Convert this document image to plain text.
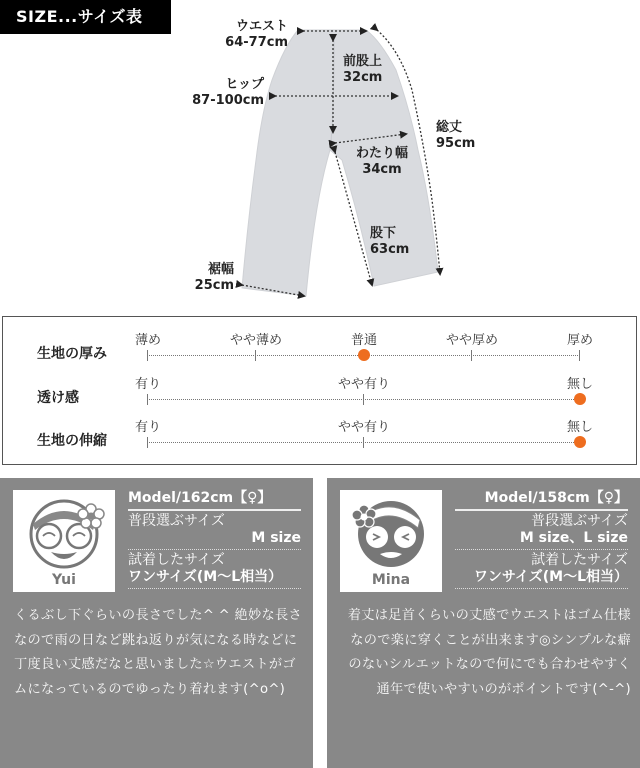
SIZE...サイズ表
ウエスト
64-77cm
前股上
32cm
ヒップ
87-100cm
総丈
95cm
わたり幅
34cm
股下
63cm
裾幅
25cm
生地の厚み
薄め	やや薄め	普通	やや厚め	厚め
透け感
有り	やや有り	無し
生地の伸縮
有り	やや有り	無し
Yui
Model/162cm【♀】
普段選ぶサイズ
M size
試着したサイズ
ワンサイズ(M〜L相当）
くるぶし下ぐらいの長さでした^ ^ 絶妙な長さなので雨の日など跳ね返りが気になる時などに丁度良い丈感だなと思いました☆ウエストがゴムになっているのでゆったり着れます(^o^)
Mina
Model/158cm【♀】
普段選ぶサイズ
M size、L size
試着したサイズ
ワンサイズ(M〜L相当）
着丈は足首くらいの丈感でウエストはゴム仕様なので楽に穿くことが出来ます◎シンプルな癖のないシルエットなので何にでも合わせやすく通年で使いやすいのがポイントです(^-^)
